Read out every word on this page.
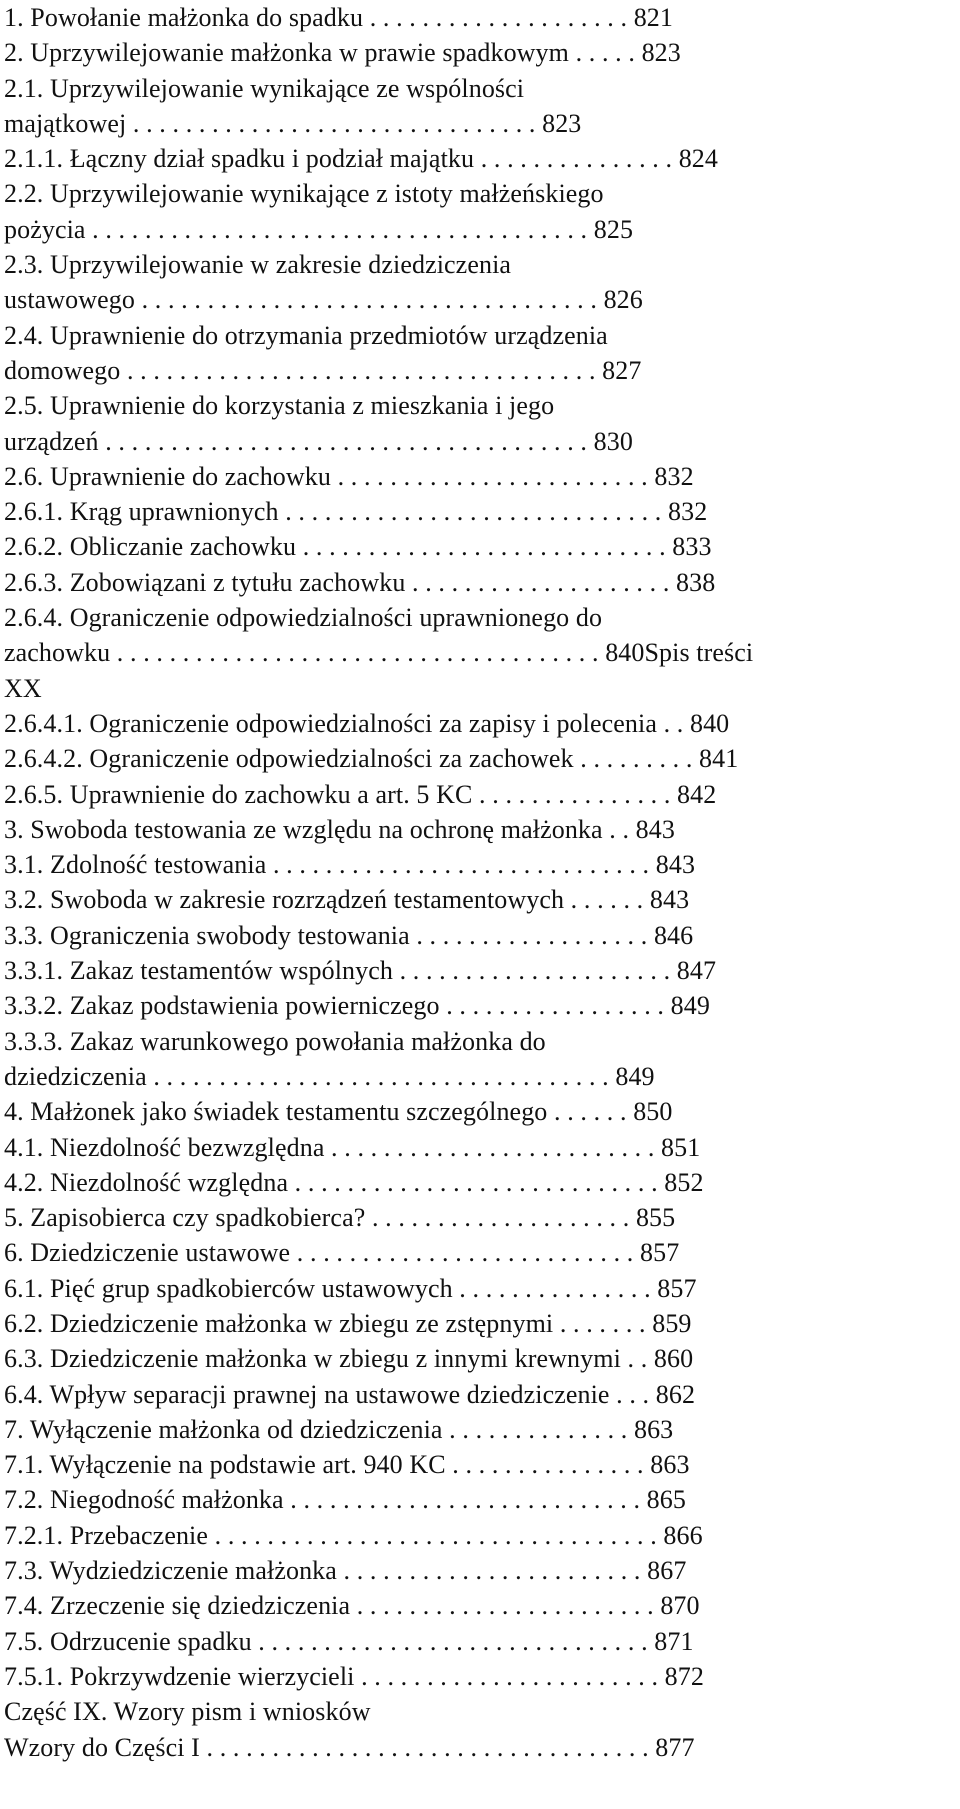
1. Powołanie małżonka do spadku . . . . . . . . . . . . . . . . . . . . 821
2. Uprzywilejowanie małżonka w prawie spadkowym . . . . . 823
2.1. Uprzywilejowanie wynikające ze wspólności
majątkowej . . . . . . . . . . . . . . . . . . . . . . . . . . . . . . . 823
2.1.1. Łączny dział spadku i podział majątku . . . . . . . . . . . . . . . 824
2.2. Uprzywilejowanie wynikające z istoty małżeńskiego
pożycia . . . . . . . . . . . . . . . . . . . . . . . . . . . . . . . . . . . . . . 825
2.3. Uprzywilejowanie w zakresie dziedziczenia
ustawowego . . . . . . . . . . . . . . . . . . . . . . . . . . . . . . . . . . . 826
2.4. Uprawnienie do otrzymania przedmiotów urządzenia
domowego . . . . . . . . . . . . . . . . . . . . . . . . . . . . . . . . . . . . 827
2.5. Uprawnienie do korzystania z mieszkania i jego
urządzeń . . . . . . . . . . . . . . . . . . . . . . . . . . . . . . . . . . . . . 830
2.6. Uprawnienie do zachowku . . . . . . . . . . . . . . . . . . . . . . . . 832
2.6.1. Krąg uprawnionych . . . . . . . . . . . . . . . . . . . . . . . . . . . . . 832
2.6.2. Obliczanie zachowku . . . . . . . . . . . . . . . . . . . . . . . . . . . . 833
2.6.3. Zobowiązani z tytułu zachowku . . . . . . . . . . . . . . . . . . . . 838
2.6.4. Ograniczenie odpowiedzialności uprawnionego do
zachowku . . . . . . . . . . . . . . . . . . . . . . . . . . . . . . . . . . . . . 840Spis treści
XX
2.6.4.1. Ograniczenie odpowiedzialności za zapisy i polecenia . . 840
2.6.4.2. Ograniczenie odpowiedzialności za zachowek . . . . . . . . . 841
2.6.5. Uprawnienie do zachowku a art. 5 KC . . . . . . . . . . . . . . . 842
3. Swoboda testowania ze względu na ochronę małżonka . . 843
3.1. Zdolność testowania . . . . . . . . . . . . . . . . . . . . . . . . . . . . . 843
3.2. Swoboda w zakresie rozrządzeń testamentowych . . . . . . 843
3.3. Ograniczenia swobody testowania . . . . . . . . . . . . . . . . . . 846
3.3.1. Zakaz testamentów wspólnych . . . . . . . . . . . . . . . . . . . . . 847
3.3.2. Zakaz podstawienia powierniczego . . . . . . . . . . . . . . . . . 849
3.3.3. Zakaz warunkowego powołania małżonka do
dziedziczenia . . . . . . . . . . . . . . . . . . . . . . . . . . . . . . . . . . . 849
4. Małżonek jako świadek testamentu szczególnego . . . . . . 850
4.1. Niezdolność bezwzględna . . . . . . . . . . . . . . . . . . . . . . . . . 851
4.2. Niezdolność względna . . . . . . . . . . . . . . . . . . . . . . . . . . . . 852
5. Zapisobierca czy spadkobierca? . . . . . . . . . . . . . . . . . . . . 855
6. Dziedziczenie ustawowe . . . . . . . . . . . . . . . . . . . . . . . . . . 857
6.1. Pięć grup spadkobierców ustawowych . . . . . . . . . . . . . . . 857
6.2. Dziedziczenie małżonka w zbiegu ze zstępnymi . . . . . . . 859
6.3. Dziedziczenie małżonka w zbiegu z innymi krewnymi . . 860
6.4. Wpływ separacji prawnej na ustawowe dziedziczenie . . . 862
7. Wyłączenie małżonka od dziedziczenia . . . . . . . . . . . . . . 863
7.1. Wyłączenie na podstawie art. 940 KC . . . . . . . . . . . . . . . 863
7.2. Niegodność małżonka . . . . . . . . . . . . . . . . . . . . . . . . . . . 865
7.2.1. Przebaczenie . . . . . . . . . . . . . . . . . . . . . . . . . . . . . . . . . . 866
7.3. Wydziedziczenie małżonka . . . . . . . . . . . . . . . . . . . . . . . 867
7.4. Zrzeczenie się dziedziczenia . . . . . . . . . . . . . . . . . . . . . . . 870
7.5. Odrzucenie spadku . . . . . . . . . . . . . . . . . . . . . . . . . . . . . . 871
7.5.1. Pokrzywdzenie wierzycieli . . . . . . . . . . . . . . . . . . . . . . . 872
Część IX. Wzory pism i wniosków
Wzory do Części I . . . . . . . . . . . . . . . . . . . . . . . . . . . . . . . . . . 877
